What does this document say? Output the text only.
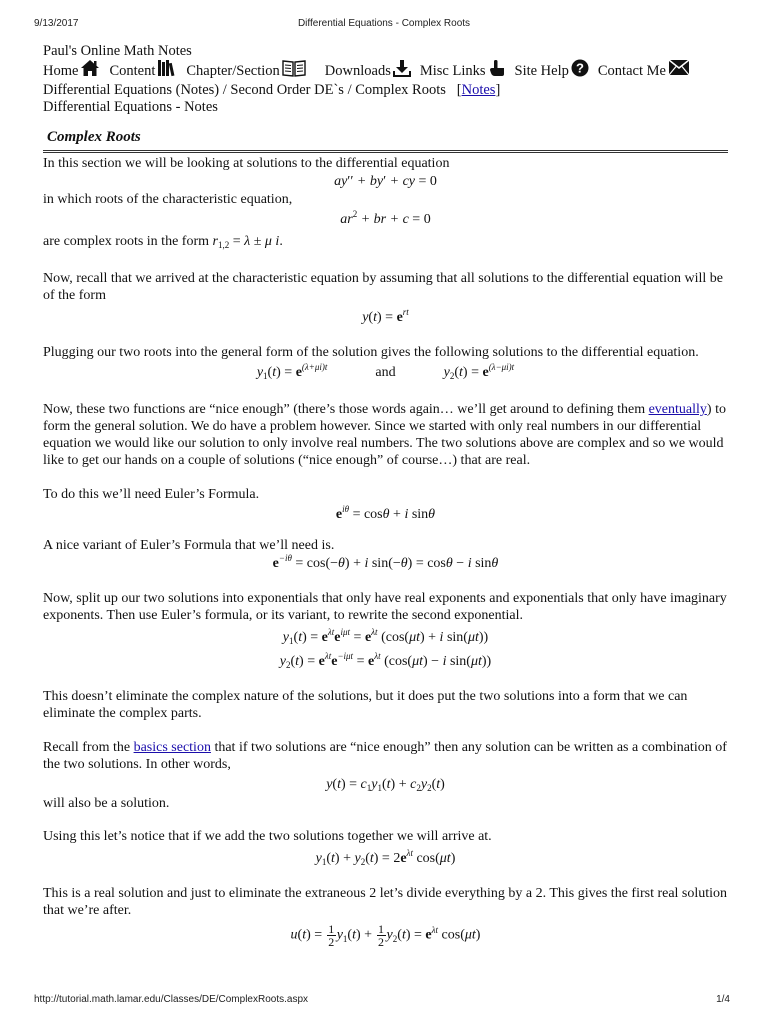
9/13/2017	Differential Equations - Complex Roots
Paul's Online Math Notes
Home Content Chapter/Section	Downloads Misc Links Site Help ? Contact Me
Differential Equations (Notes) / Second Order DE`s / Complex Roots   [Notes]
Differential Equations - Notes
Complex Roots

In this section we will be looking at solutions to the differential equation

ay′′ + by′ + cy = 0

in which roots of the characteristic equation,

$ar^2$ + br + c = 0

are complex roots in the form $r_{1,2} = \lambda \pm \mu$ i.

Now, recall that we arrived at the characteristic equation by assuming that all solutions to the differential equation will be of the form

$y(t) = e^{rt}$

Plugging our two roots into the general form of the solution gives the following solutions to the differential equation.

$y_1(t) = e^{(\lambda+\mu i)t}$	and	$y_2(t) = e^{(\lambda-\mu i)t}$

Now, these two functions are “nice enough” (there’s those words again… we’ll get around to defining them eventually) to form the general solution. We do have a problem however. Since we started with only real numbers in our differential equation we would like our solution to only involve real numbers. The two solutions above are complex and so we would like to get our hands on a couple of solutions (“nice enough” of course…) that are real.

To do this we’ll need Euler’s Formula.

$e^{i\theta} = \cos\theta + i$ sinθ

A nice variant of Euler’s Formula that we’ll need is.

$e^{-i\theta} = \cos(-\theta) + i$ sin(−θ) = cosθ − i sinθ

Now, split up our two solutions into exponentials that only have real exponents and exponentials that only have imaginary exponents. Then use Euler’s formula, or its variant, to rewrite the second exponential.

$y_1(t) = e^{\lambda t}e^{i\mu t} = e^{\lambda t}$ (cos(μt) + i sin(μt))
$y_2(t) = e^{\lambda t}e^{-i\mu t} = e^{\lambda t}$ (cos(μt) − i sin(μt))

This doesn’t eliminate the complex nature of the solutions, but it does put the two solutions into a form that we can eliminate the complex parts.

Recall from the basics section that if two solutions are “nice enough” then any solution can be written as a combination of the two solutions. In other words,

$y(t) = c_1y_1(t) + c_2y_2(t)$

will also be a solution.

Using this let’s notice that if we add the two solutions together we will arrive at.

$y_1(t) + y_2(t) = 2e^{\lambda t}$ cos(μt)

This is a real solution and just to eliminate the extraneous 2 let’s divide everything by a 2. This gives the first real solution that we’re after.

$u(t) = \frac{1}{2} y_1(t) + \frac{1}{2} y_2(t) = e^{\lambda t}$ cos(μt)
http://tutorial.math.lamar.edu/Classes/DE/ComplexRoots.aspx	1/4
